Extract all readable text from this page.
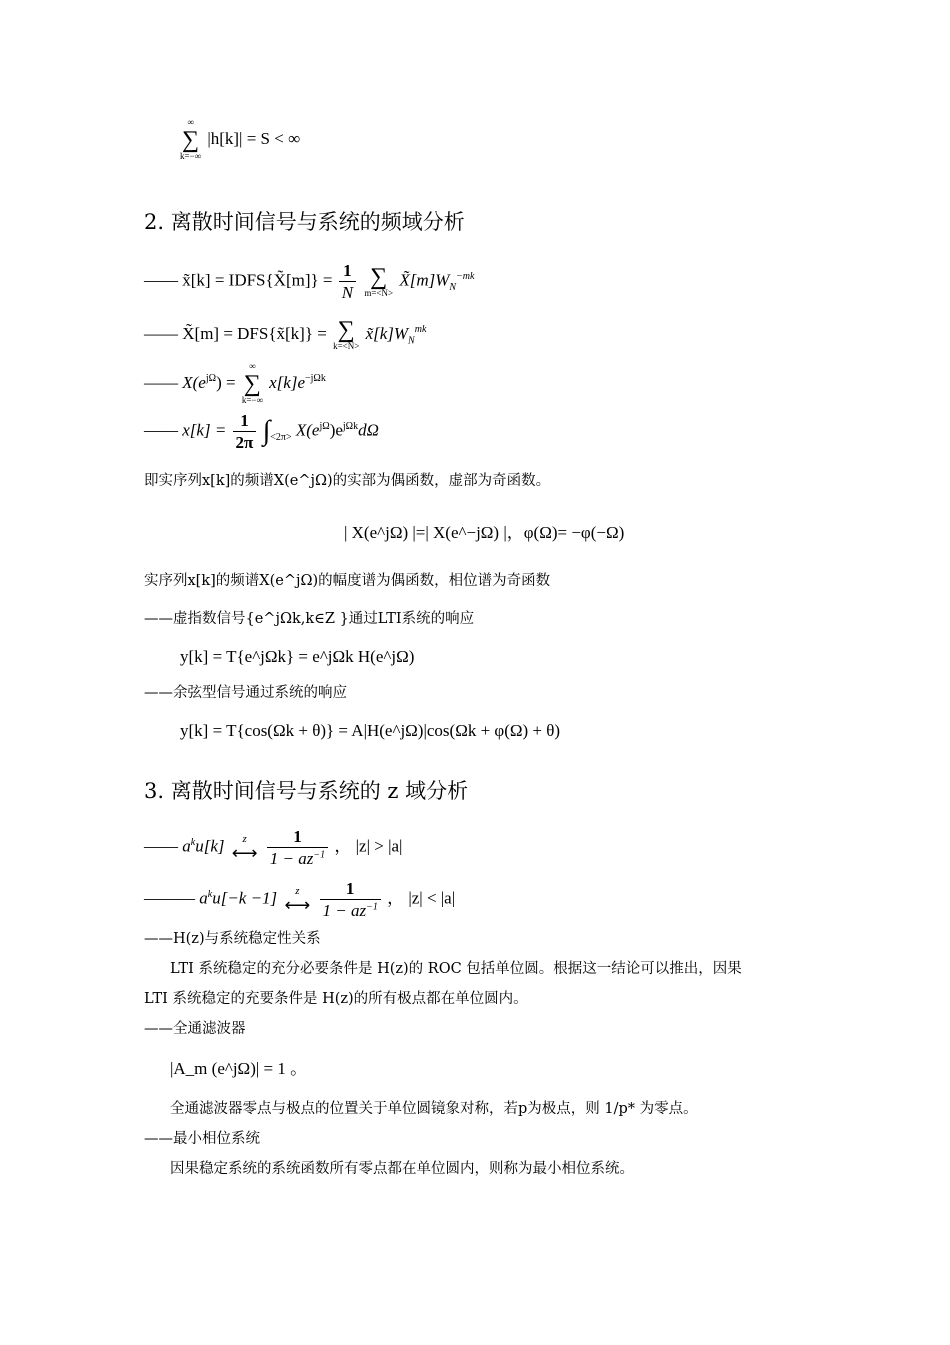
∞
∑
k=−∞
|h[k]| = S < ∞
2. 离散时间信号与系统的频域分析
—— x̃[k] = IDFS{X̃[m]} = $\frac{1}{N}$
∑
m=<N>
$X̃[m]W_N^{-mk}$
—— X̃[m] = DFS{x̃[k]} = ∑
k=<N>
$x̃[k]W_N^{mk}$
—— $X(e^{j\Omega})$ =
∞
∑
k=−∞
$x[k]e^{-j\Omega k}$
—— $x[k] = \frac{1}{2\pi} \int_{<2\pi>}$ $X(e^{j\Omega})e^{j\Omega k}d\Omega$
即实序列x[k]的频谱X(e^jΩ)的实部为偶函数，虚部为奇函数。
| X(e^jΩ) |=| X(e^−jΩ) |，φ(Ω)= −φ(−Ω)
实序列x[k]的频谱X(e^jΩ)的幅度谱为偶函数，相位谱为奇函数
——虚指数信号{e^jΩk,k∈Z }通过LTI系统的响应
y[k] = T{e^jΩk} = e^jΩk H(e^jΩ)
——余弦型信号通过系统的响应
y[k] = T{cos(Ωk + θ)} = A|H(e^jΩ)|cos(Ωk + φ(Ω) + θ)
3. 离散时间信号与系统的 z 域分析
—— $a^ku[k]$	z
⟷
$\frac{1}{1 - az^{-1}}$ ， |z| > |a|
——— $a^ku[-k -1]$	z
⟷
$\frac{1}{1 - az^{-1}}$ ， |z| < |a|
——H(z)与系统稳定性关系
LTI 系统稳定的充分必要条件是 H(z)的 ROC 包括单位圆。根据这一结论可以推出，因果
LTI 系统稳定的充要条件是 H(z)的所有极点都在单位圆内。
——全通滤波器
|A_m (e^jΩ)| = 1 。
全通滤波器零点与极点的位置关于单位圆镜象对称，若p为极点，则 1/p* 为零点。
——最小相位系统
因果稳定系统的系统函数所有零点都在单位圆内，则称为最小相位系统。
